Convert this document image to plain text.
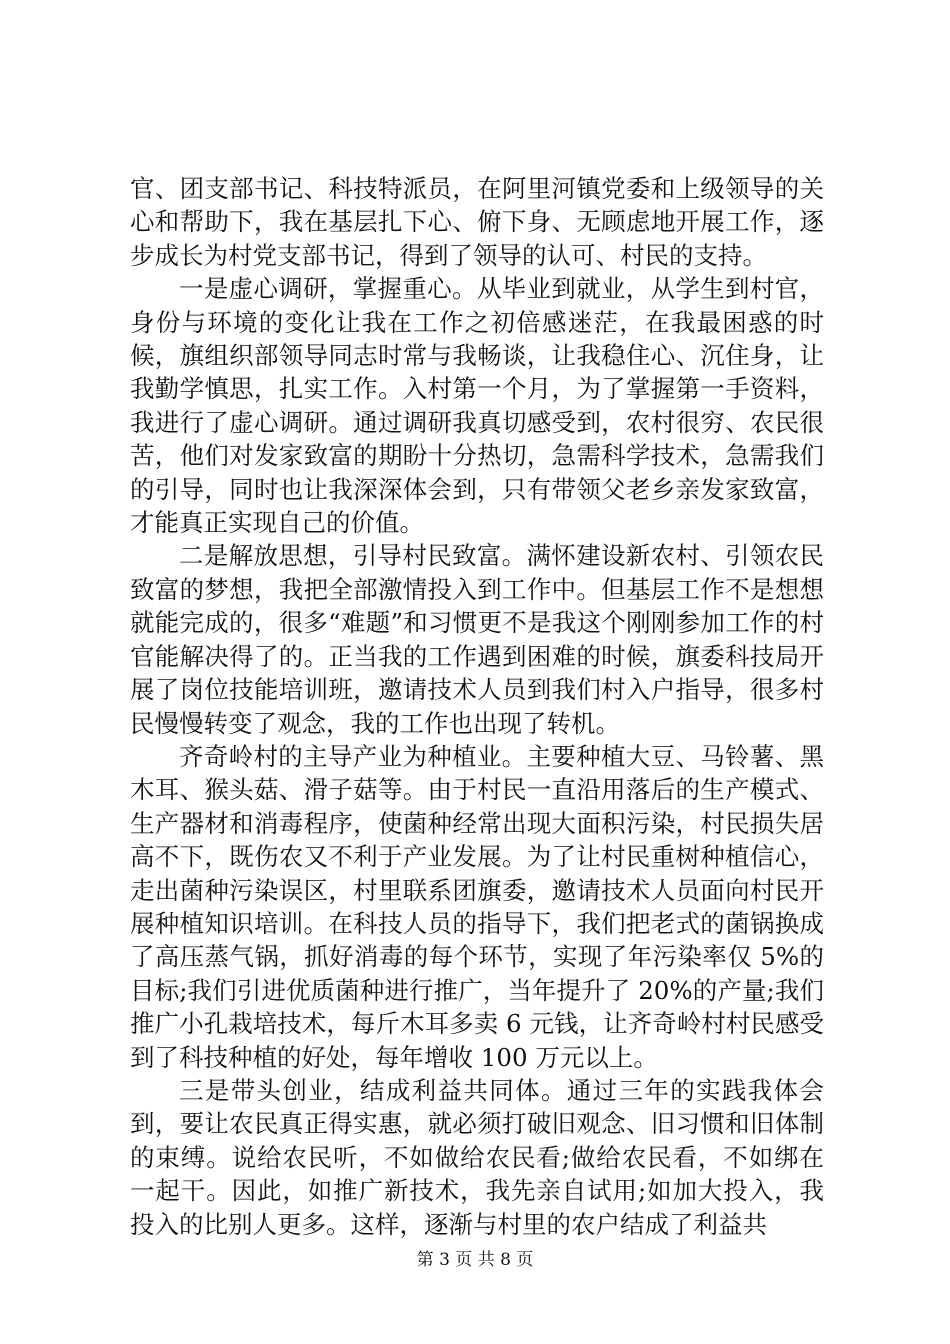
官、团支部书记、科技特派员，在阿里河镇党委和上级领导的关心和帮助下，我在基层扎下心、俯下身、无顾虑地开展工作，逐步成长为村党支部书记，得到了领导的认可、村民的支持。

一是虚心调研，掌握重心。从毕业到就业，从学生到村官，身份与环境的变化让我在工作之初倍感迷茫，在我最困惑的时候，旗组织部领导同志时常与我畅谈，让我稳住心、沉住身，让我勤学慎思，扎实工作。入村第一个月，为了掌握第一手资料，我进行了虚心调研。通过调研我真切感受到，农村很穷、农民很苦，他们对发家致富的期盼十分热切，急需科学技术，急需我们的引导，同时也让我深深体会到，只有带领父老乡亲发家致富，才能真正实现自己的价值。

二是解放思想，引导村民致富。满怀建设新农村、引领农民致富的梦想，我把全部激情投入到工作中。但基层工作不是想想就能完成的，很多“难题”和习惯更不是我这个刚刚参加工作的村官能解决得了的。正当我的工作遇到困难的时候，旗委科技局开展了岗位技能培训班，邀请技术人员到我们村入户指导，很多村民慢慢转变了观念，我的工作也出现了转机。

齐奇岭村的主导产业为种植业。主要种植大豆、马铃薯、黑木耳、猴头菇、滑子菇等。由于村民一直沿用落后的生产模式、生产器材和消毒程序，使菌种经常出现大面积污染，村民损失居高不下，既伤农又不利于产业发展。为了让村民重树种植信心，走出菌种污染误区，村里联系团旗委，邀请技术人员面向村民开展种植知识培训。在科技人员的指导下，我们把老式的菌锅换成了高压蒸气锅，抓好消毒的每个环节，实现了年污染率仅 5%的目标;我们引进优质菌种进行推广，当年提升了 20%的产量;我们推广小孔栽培技术，每斤木耳多卖 6 元钱，让齐奇岭村村民感受到了科技种植的好处，每年增收 100 万元以上。

三是带头创业，结成利益共同体。通过三年的实践我体会到，要让农民真正得实惠，就必须打破旧观念、旧习惯和旧体制的束缚。说给农民听，不如做给农民看;做给农民看，不如绑在一起干。因此，如推广新技术，我先亲自试用;如加大投入，我投入的比别人更多。这样，逐渐与村里的农户结成了利益共

第 3 页 共 8 页
